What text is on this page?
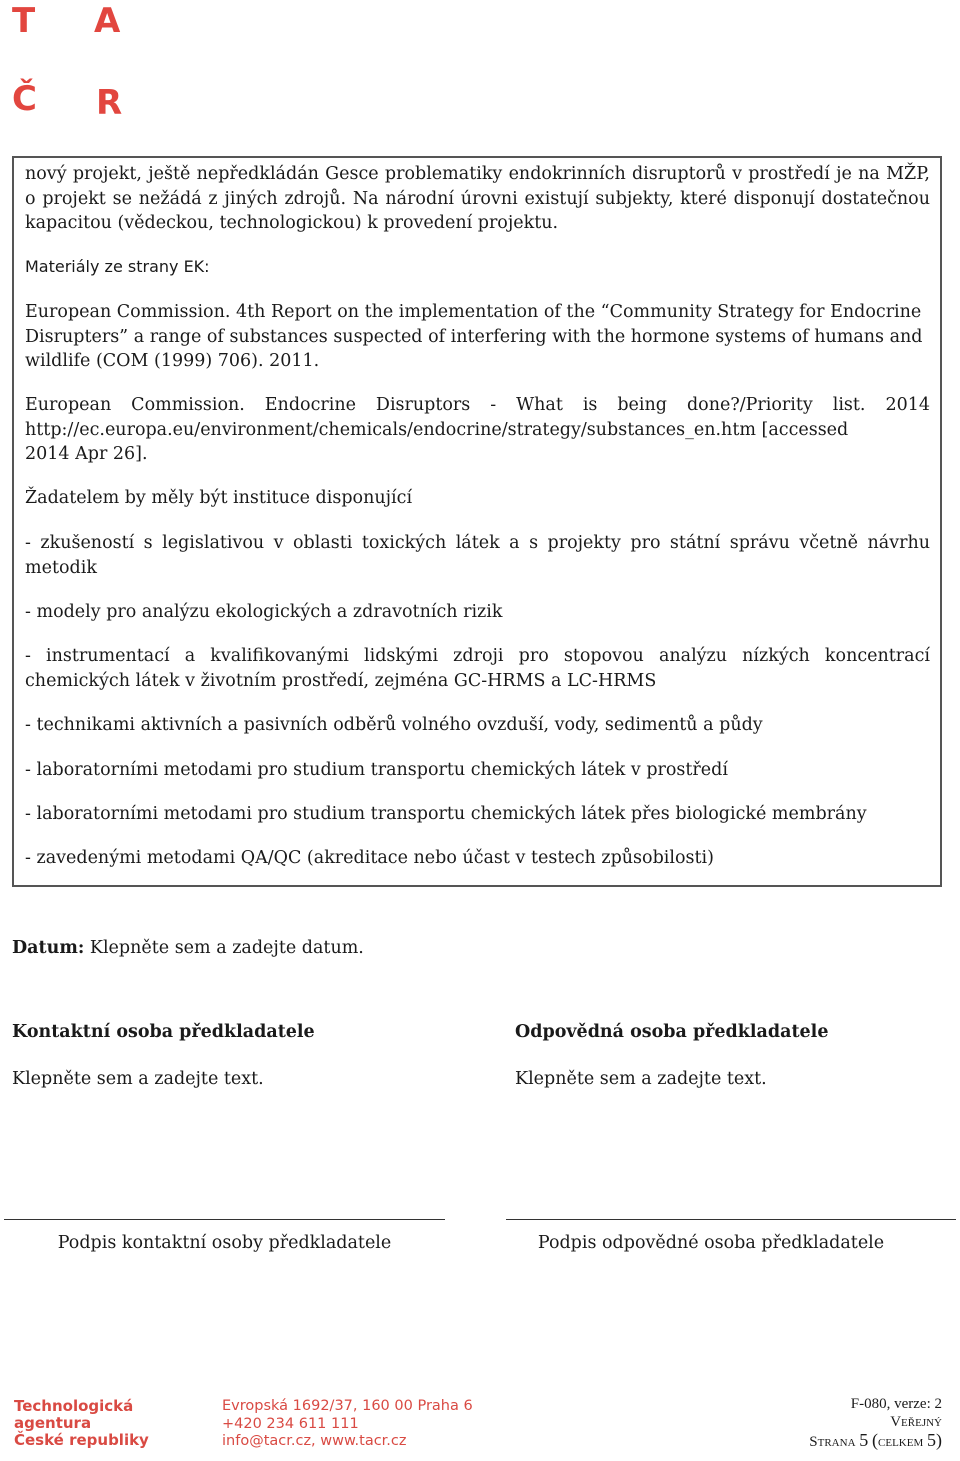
T A
Č R

nový projekt, ještě nepředkládán Gesce problematiky endokrinních disruptorů v prostředí je na MŽP, o projekt se nežádá z jiných zdrojů. Na národní úrovni existují subjekty, které disponují dostatečnou kapacitou (vědeckou, technologickou) k provedení projektu.

Materiály ze strany EK:

European Commission. 4th Report on the implementation of the “Community Strategy for Endocrine Disrupters” a range of substances suspected of interfering with the hormone systems of humans and wildlife (COM (1999) 706). 2011.

European Commission. Endocrine Disruptors - What is being done?/Priority list. 2014 http://ec.europa.eu/environment/chemicals/endocrine/strategy/substances_en.htm [accessed

2014 Apr 26].

Žadatelem by měly být instituce disponující

- zkušeností s legislativou v oblasti toxických látek a s projekty pro státní správu včetně návrhu metodik

- modely pro analýzu ekologických a zdravotních rizik

- instrumentací a kvalifikovanými lidskými zdroji pro stopovou analýzu nízkých koncentrací chemických látek v životním prostředí, zejména GC-HRMS a LC-HRMS

- technikami aktivních a pasivních odběrů volného ovzduší, vody, sedimentů a půdy

- laboratorními metodami pro studium transportu chemických látek v prostředí

- laboratorními metodami pro studium transportu chemických látek přes biologické membrány

- zavedenými metodami QA/QC (akreditace nebo účast v testech způsobilosti)

Datum: Klepněte sem a zadejte datum.
Kontaktní osoba předkladatele
Klepněte sem a zadejte text.
Odpovědná osoba předkladatele
Klepněte sem a zadejte text.
Podpis kontaktní osoby předkladatele	Podpis odpovědné osoba předkladatele
Technologická
agentura
České republiky
Evropská 1692/37, 160 00 Praha 6
+420 234 611 111
info@tacr.cz, www.tacr.cz
F-080, verze: 2
Veřejný
Strana 5 (celkem 5)
